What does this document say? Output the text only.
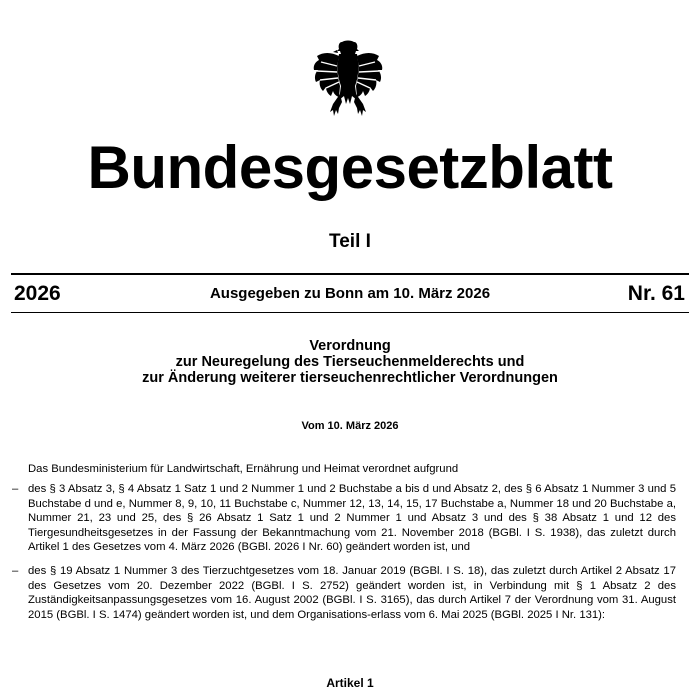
Bundesgesetzblatt
Teil I
2026	Ausgegeben zu Bonn am 10. März 2026	Nr. 61
Verordnung
zur Neuregelung des Tierseuchenmelderechts und
zur Änderung weiterer tierseuchenrechtlicher Verordnungen
Vom 10. März 2026

Das Bundesministerium für Landwirtschaft, Ernährung und Heimat verordnet aufgrund

– des § 3 Absatz 3, § 4 Absatz 1 Satz 1 und 2 Nummer 1 und 2 Buchstabe a bis d und Absatz 2, des § 6 Absatz 1 Nummer 3 und 5 Buchstabe d und e, Nummer 8, 9, 10, 11 Buchstabe c, Nummer 12, 13, 14, 15, 17 Buchstabe a, Nummer 18 und 20 Buchstabe a, Nummer 21, 23 und 25, des § 26 Absatz 1 Satz 1 und 2 Nummer 1 und Absatz 3 und des § 38 Absatz 1 und 12 des Tiergesundheitsgesetzes in der Fassung der Bekanntmachung vom 21. November 2018 (BGBl. I S. 1938), das zuletzt durch Artikel 1 des Gesetzes vom 4. März 2026 (BGBl. 2026 I Nr. 60) geändert worden ist, und
– des § 19 Absatz 1 Nummer 3 des Tierzuchtgesetzes vom 18. Januar 2019 (BGBl. I S. 18), das zuletzt durch Artikel 2 Absatz 17 des Gesetzes vom 20. Dezember 2022 (BGBl. I S. 2752) geändert worden ist, in Verbindung mit § 1 Absatz 2 des Zuständigkeitsanpassungsgesetzes vom 16. August 2002 (BGBl. I S. 3165), das durch Artikel 7 der Verordnung vom 31. August 2015 (BGBl. I S. 1474) geändert worden ist, und dem Organisations-erlass vom 6. Mai 2025 (BGBl. 2025 I Nr. 131):
Artikel 1
